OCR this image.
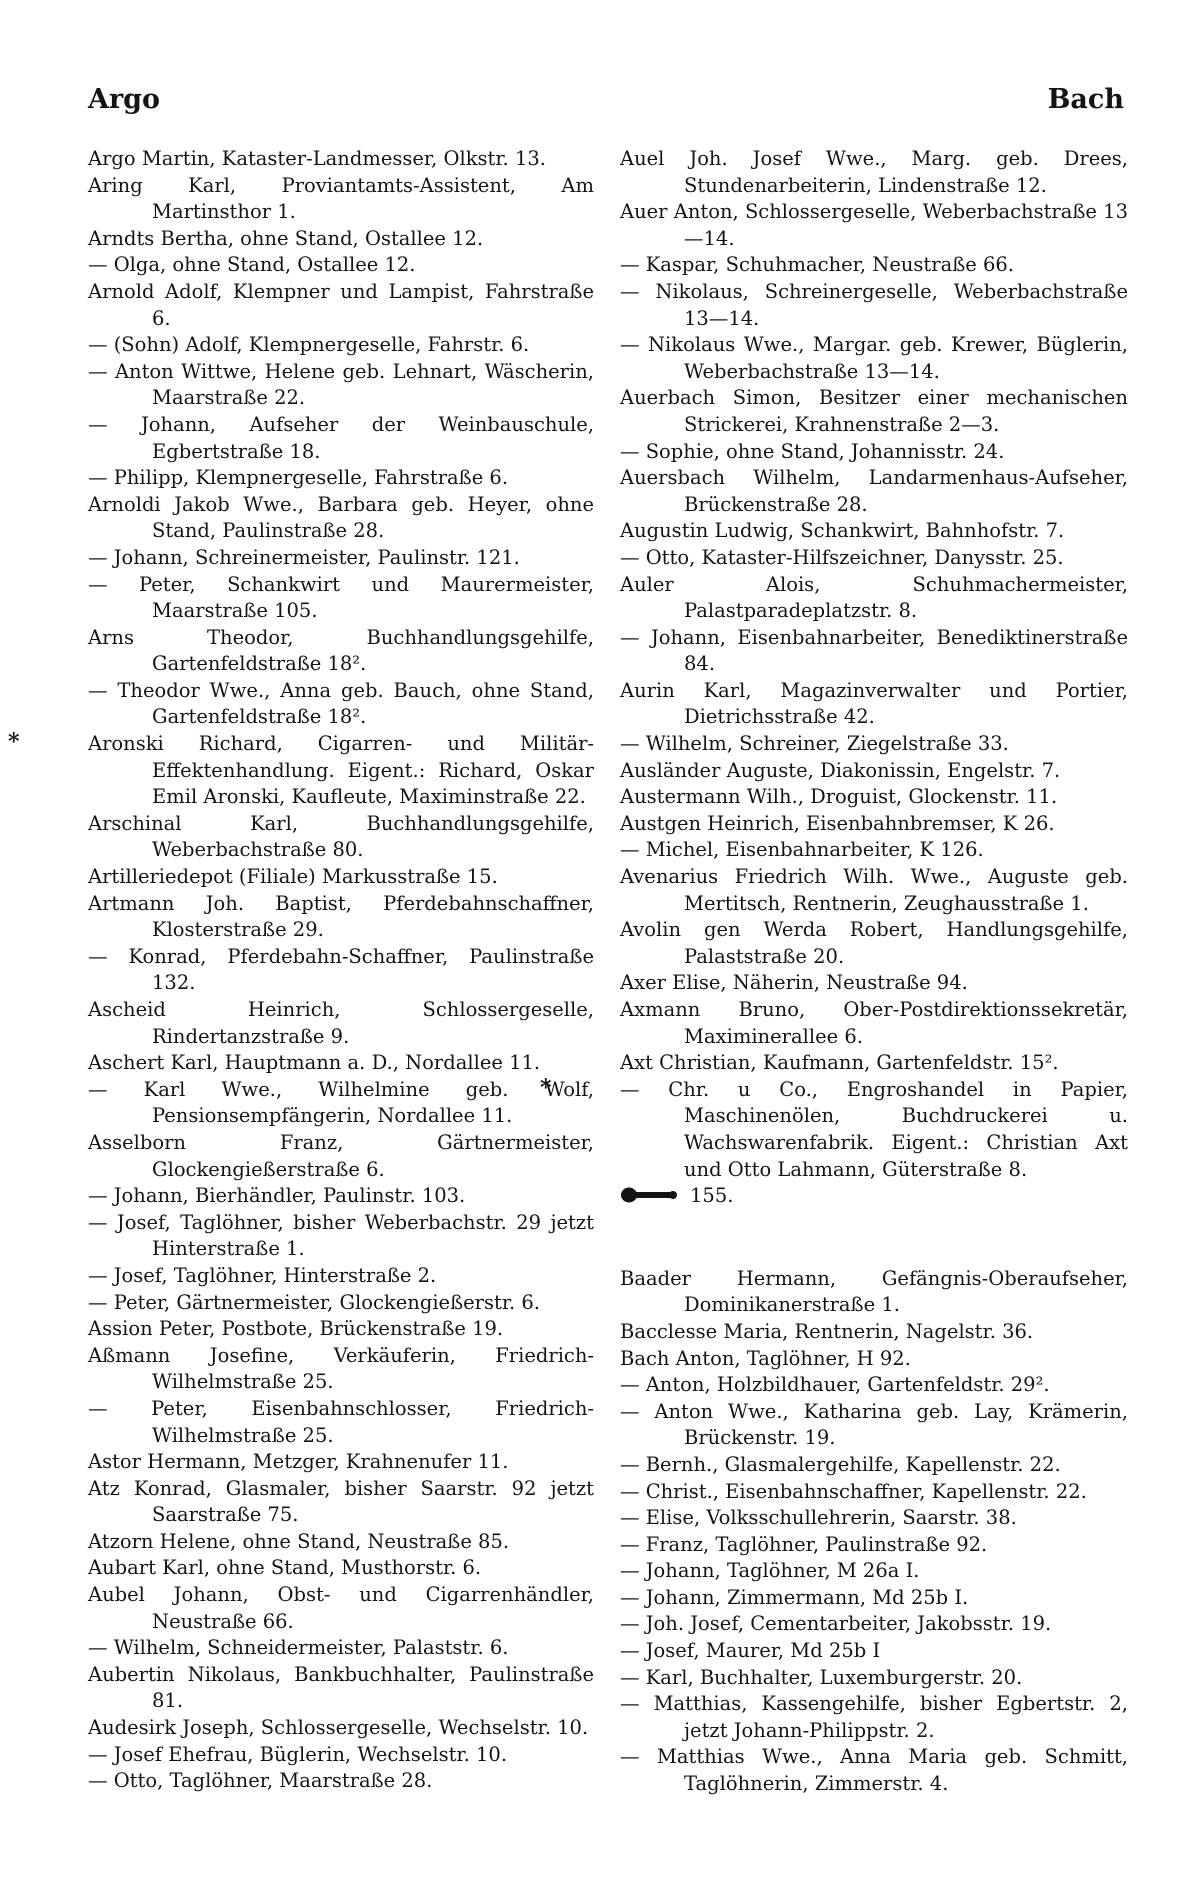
Argo	Bach
Argo Martin, Kataster-Landmesser, Olkstr. 13.
Aring Karl, Proviantamts-Assistent, Am Martinsthor 1.
Arndts Bertha, ohne Stand, Ostallee 12.
— Olga, ohne Stand, Ostallee 12.
Arnold Adolf, Klempner und Lampist, Fahrstraße 6.
— (Sohn) Adolf, Klempnergeselle, Fahrstr. 6.
— Anton Wittwe, Helene geb. Lehnart, Wäscherin, Maarstraße 22.
— Johann, Aufseher der Weinbauschule, Egbertstraße 18.
— Philipp, Klempnergeselle, Fahrstraße 6.
Arnoldi Jakob Wwe., Barbara geb. Heyer, ohne Stand, Paulinstraße 28.
— Johann, Schreinermeister, Paulinstr. 121.
— Peter, Schankwirt und Maurermeister, Maarstraße 105.
Arns Theodor, Buchhandlungsgehilfe, Gartenfeldstraße 18².
— Theodor Wwe., Anna geb. Bauch, ohne Stand, Gartenfeldstraße 18².
* Aronski Richard, Cigarren- und Militär-Effektenhandlung. Eigent.: Richard, Oskar Emil Aronski, Kaufleute, Maximinstraße 22.
Arschinal Karl, Buchhandlungsgehilfe, Weberbachstraße 80.
Artilleriedepot (Filiale) Markusstraße 15.
Artmann Joh. Baptist, Pferdebahnschaffner, Klosterstraße 29.
— Konrad, Pferdebahn-Schaffner, Paulinstraße 132.
Ascheid Heinrich, Schlossergeselle, Rindertanzstraße 9.
Aschert Karl, Hauptmann a. D., Nordallee 11.
— Karl Wwe., Wilhelmine geb. Wolf, Pensionsempfängerin, Nordallee 11.
Asselborn Franz, Gärtnermeister, Glockengießerstraße 6.
— Johann, Bierhändler, Paulinstr. 103.
— Josef, Taglöhner, bisher Weberbachstr. 29 jetzt Hinterstraße 1.
— Josef, Taglöhner, Hinterstraße 2.
— Peter, Gärtnermeister, Glockengießerstr. 6.
Assion Peter, Postbote, Brückenstraße 19.
Aßmann Josefine, Verkäuferin, Friedrich-Wilhelmstraße 25.
— Peter, Eisenbahnschlosser, Friedrich-Wilhelmstraße 25.
Astor Hermann, Metzger, Krahnenufer 11.
Atz Konrad, Glasmaler, bisher Saarstr. 92 jetzt Saarstraße 75.
Atzorn Helene, ohne Stand, Neustraße 85.
Aubart Karl, ohne Stand, Musthorstr. 6.
Aubel Johann, Obst- und Cigarrenhändler, Neustraße 66.
— Wilhelm, Schneidermeister, Palaststr. 6.
Aubertin Nikolaus, Bankbuchhalter, Paulinstraße 81.
Audesirk Joseph, Schlossergeselle, Wechselstr. 10.
— Josef Ehefrau, Büglerin, Wechselstr. 10.
— Otto, Taglöhner, Maarstraße 28.
Auel Joh. Josef Wwe., Marg. geb. Drees, Stundenarbeiterin, Lindenstraße 12.
Auer Anton, Schlossergeselle, Weberbachstraße 13—14.
— Kaspar, Schuhmacher, Neustraße 66.
— Nikolaus, Schreinergeselle, Weberbachstraße 13—14.
— Nikolaus Wwe., Margar. geb. Krewer, Büglerin, Weberbachstraße 13—14.
Auerbach Simon, Besitzer einer mechanischen Strickerei, Krahnenstraße 2—3.
— Sophie, ohne Stand, Johannisstr. 24.
Auersbach Wilhelm, Landarmenhaus-Aufseher, Brückenstraße 28.
Augustin Ludwig, Schankwirt, Bahnhofstr. 7.
— Otto, Kataster-Hilfszeichner, Danysstr. 25.
Auler Alois, Schuhmachermeister, Palastparadeplatzstr. 8.
— Johann, Eisenbahnarbeiter, Benediktinerstraße 84.
Aurin Karl, Magazinverwalter und Portier, Dietrichsstraße 42.
— Wilhelm, Schreiner, Ziegelstraße 33.
Ausländer Auguste, Diakonissin, Engelstr. 7.
Austermann Wilh., Droguist, Glockenstr. 11.
Austgen Heinrich, Eisenbahnbremser, K 26.
— Michel, Eisenbahnarbeiter, K 126.
Avenarius Friedrich Wilh. Wwe., Auguste geb. Mertitsch, Rentnerin, Zeughausstraße 1.
Avolin gen Werda Robert, Handlungsgehilfe, Palaststraße 20.
Axer Elise, Näherin, Neustraße 94.
Axmann Bruno, Ober-Postdirektionssekretär, Maximinerallee 6.
Axt Christian, Kaufmann, Gartenfeldstr. 15².
* — Chr. u Co., Engroshandel in Papier, Maschinenölen, Buchdruckerei u. Wachswarenfabrik. Eigent.: Christian Axt und Otto Lahmann, Güterstraße 8.
155.
Baader Hermann, Gefängnis-Oberaufseher, Dominikanerstraße 1.
Bacclesse Maria, Rentnerin, Nagelstr. 36.
Bach Anton, Taglöhner, H 92.
— Anton, Holzbildhauer, Gartenfeldstr. 29².
— Anton Wwe., Katharina geb. Lay, Krämerin, Brückenstr. 19.
— Bernh., Glasmalergehilfe, Kapellenstr. 22.
— Christ., Eisenbahnschaffner, Kapellenstr. 22.
— Elise, Volksschullehrerin, Saarstr. 38.
— Franz, Taglöhner, Paulinstraße 92.
— Johann, Taglöhner, M 26a I.
— Johann, Zimmermann, Md 25b I.
— Joh. Josef, Cementarbeiter, Jakobsstr. 19.
— Josef, Maurer, Md 25b I
— Karl, Buchhalter, Luxemburgerstr. 20.
— Matthias, Kassengehilfe, bisher Egbertstr. 2, jetzt Johann-Philippstr. 2.
— Matthias Wwe., Anna Maria geb. Schmitt, Taglöhnerin, Zimmerstr. 4.
